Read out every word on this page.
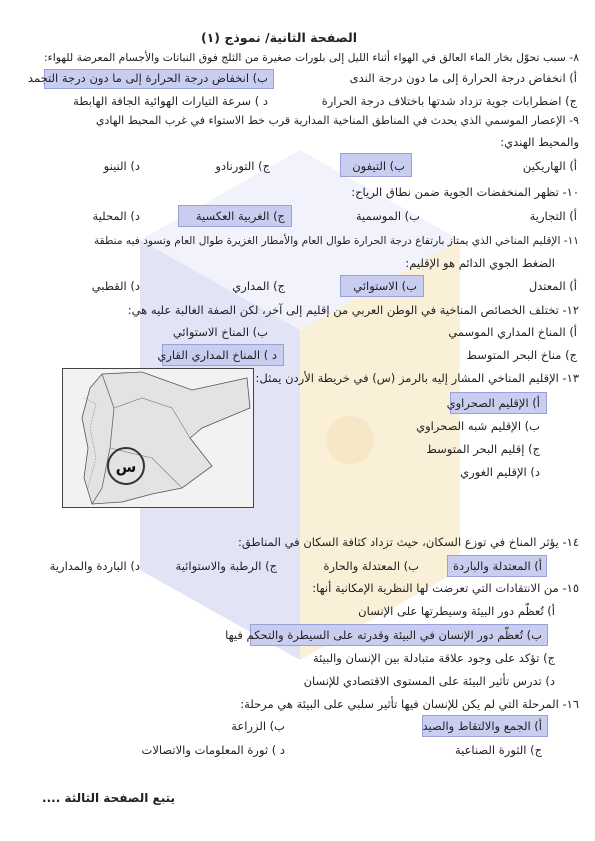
الصفحة الثانية/ نموذج (١)
٨- سبب تحوّل بخار الماء العالق في الهواء أثناء الليل إلى بلورات صغيرة من الثلج فوق النباتات والأجسام المعرضة للهواء:
أ) انخفاض درجة الحرارة إلى ما دون درجة الندى
ب) انخفاض درجة الحرارة إلى ما دون درجة التجمد
ج) اضطرابات جوية تزداد شدتها باختلاف درجة الحرارة
د ) سرعة التيارات الهوائية الجافة الهابطة
٩- الإعصار الموسمي الذي يحدث في المناطق المناخية المدارية قرب خط الاستواء في غرب المحيط الهادي
والمحيط الهندي:
أ) الهاريكين
ب) التيفون
ج) التورنادو
د) النينو
١٠- تظهر المنخفضات الجوية ضمن نطاق الرياح:
أ) التجارية
ب) الموسمية
ج) الغربية العكسية
د) المحلية
١١- الإقليم المناخي الذي يمتاز بارتفاع درجة الحرارة طوال العام والأمطار الغزيرة طوال العام وتسود فيه منطقة
الضغط الجوي الدائم هو الإقليم:
أ) المعتدل
ب) الاستوائي
ج) المداري
د) القطبي
١٢- تختلف الخصائص المناخية في الوطن العربي من إقليم إلى آخر، لكن الصفة الغالبة عليه هي:
أ) المناخ المداري الموسمي
ب) المناخ الاستوائي
ج) مناخ البحر المتوسط
د ) المناخ المداري القاري
١٣- الإقليم المناخي المشار إليه بالرمز (س) في خريطة الأردن يمثل:
أ) الإقليم الصحراوي
ب) الإقليم شبه الصحراوي
ج) إقليم البحر المتوسط
د) الإقليم الغوري
س
١٤- يؤثر المناخ في توزع السكان، حيث تزداد كثافة السكان في المناطق:
أ) المعتدلة والباردة
ب) المعتدلة والحارة
ج) الرطبة والاستوائية
د) الباردة والمدارية
١٥- من الانتقادات التي تعرضت لها النظرية الإمكانية أنها:
أ) تُعظّم دور البيئة وسيطرتها على الإنسان
ب) تُعظّم دور الإنسان في البيئة وقدرته على السيطرة والتحكم فيها
ج) تؤكد على وجود علاقة متبادلة بين الإنسان والبيئة
د) تدرس تأثير البيئة على المستوى الاقتصادي للإنسان
١٦- المرحلة التي لم يكن للإنسان فيها تأثير سلبي على البيئة هي مرحلة:
أ) الجمع والالتقاط والصيد
ب) الزراعة
ج) الثورة الصناعية
د ) ثورة المعلومات والاتصالات
يتبع الصفحة الثالثة ....
